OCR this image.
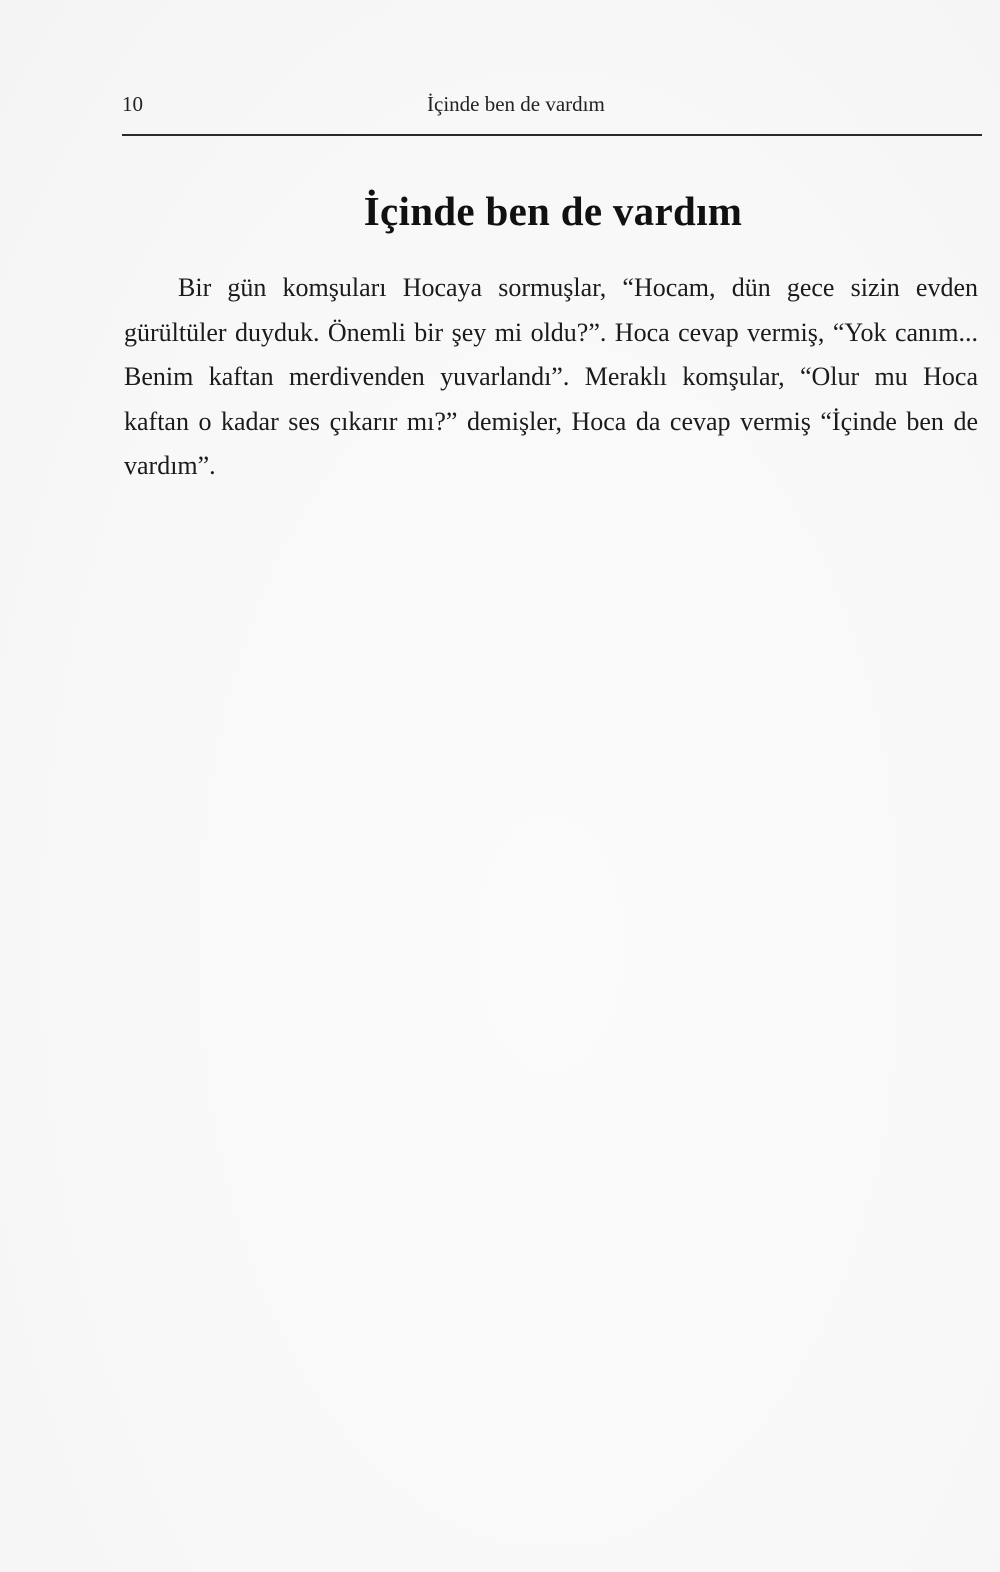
10	İçinde ben de vardım
İçinde ben de vardım

Bir gün komşuları Hocaya sormuşlar, “Hocam, dün gece sizin evden gürültüler duyduk. Önemli bir şey mi oldu?”. Hoca cevap vermiş, “Yok canım... Benim kaftan merdivenden yuvarlandı”. Meraklı komşular, “Olur mu Hoca kaftan o kadar ses çıkarır mı?” demişler, Hoca da cevap vermiş “İçinde ben de vardım”.
